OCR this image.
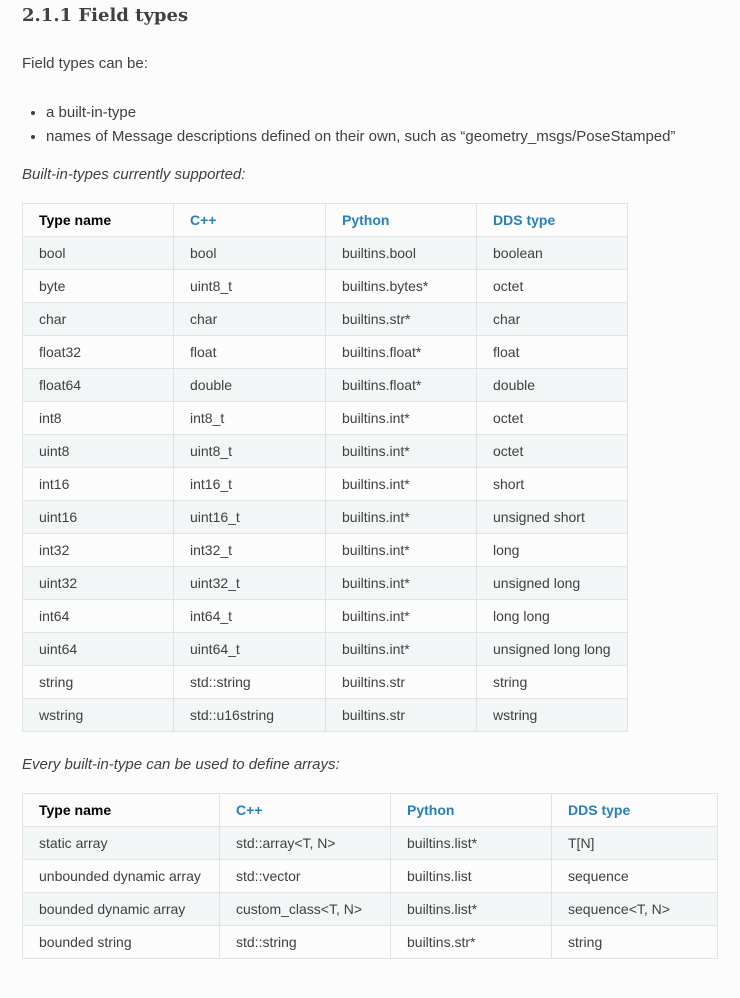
2.1.1 Field types

Field types can be:

• a built-in-type
• names of Message descriptions defined on their own, such as “geometry_msgs/PoseStamped”

Built-in-types currently supported:

Type name	C++	Python	DDS type
bool	bool	builtins.bool	boolean
byte	uint8_t	builtins.bytes*	octet
char	char	builtins.str*	char
float32	float	builtins.float*	float
float64	double	builtins.float*	double
int8	int8_t	builtins.int*	octet
uint8	uint8_t	builtins.int*	octet
int16	int16_t	builtins.int*	short
uint16	uint16_t	builtins.int*	unsigned short
int32	int32_t	builtins.int*	long
uint32	uint32_t	builtins.int*	unsigned long
int64	int64_t	builtins.int*	long long
uint64	uint64_t	builtins.int*	unsigned long long
string	std::string	builtins.str	string
wstring	std::u16string	builtins.str	wstring

Every built-in-type can be used to define arrays:

Type name	C++	Python	DDS type
static array	std::array<T, N>	builtins.list*	T[N]
unbounded dynamic array	std::vector	builtins.list	sequence
bounded dynamic array	custom_class<T, N>	builtins.list*	sequence<T, N>
bounded string	std::string	builtins.str*	string
